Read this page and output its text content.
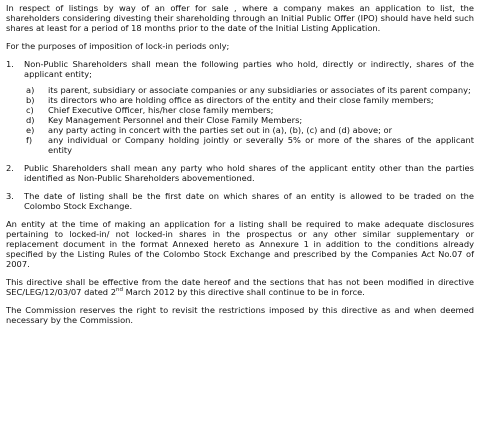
In respect of listings by way of an offer for sale , where a company makes an application to list, the shareholders considering divesting their shareholding through an Initial Public Offer (IPO) should have held such shares at least for a period of 18 months prior to the date of the Initial Listing Application.

For the purposes of imposition of lock-in periods only;

1.	Non-Public Shareholders shall mean the following parties who hold, directly or indirectly, shares of the applicant entity;

a)	its parent, subsidiary or associate companies or any subsidiaries or associates of its parent company;
b)	its directors who are holding office as directors of the entity and their close family members;
c)	Chief Executive Officer, his/her close family members;
d)	Key Management Personnel and their Close Family Members;
e)	any party acting in concert with the parties set out in (a), (b), (c) and (d) above; or
f)	any individual or Company holding jointly or severally 5% or more of the shares of the applicant entity
2.	Public Shareholders shall mean any party who hold shares of the applicant entity other than the parties identified as Non-Public Shareholders abovementioned.

3.	The date of listing shall be the first date on which shares of an entity is allowed to be traded on the Colombo Stock Exchange.

An entity at the time of making an application for a listing shall be required to make adequate disclosures pertaining to locked-in/ not locked-in shares in the prospectus or any other similar supplementary or replacement document in the format Annexed hereto as Annexure 1 in addition to the conditions already specified by the Listing Rules of the Colombo Stock Exchange and prescribed by the Companies Act No.07 of 2007.

This directive shall be effective from the date hereof and the sections that has not been modified in directive SEC/LEG/12/03/07 dated 2nd March 2012 by this directive shall continue to be in force.

The Commission reserves the right to revisit the restrictions imposed by this directive as and when deemed necessary by the Commission.
